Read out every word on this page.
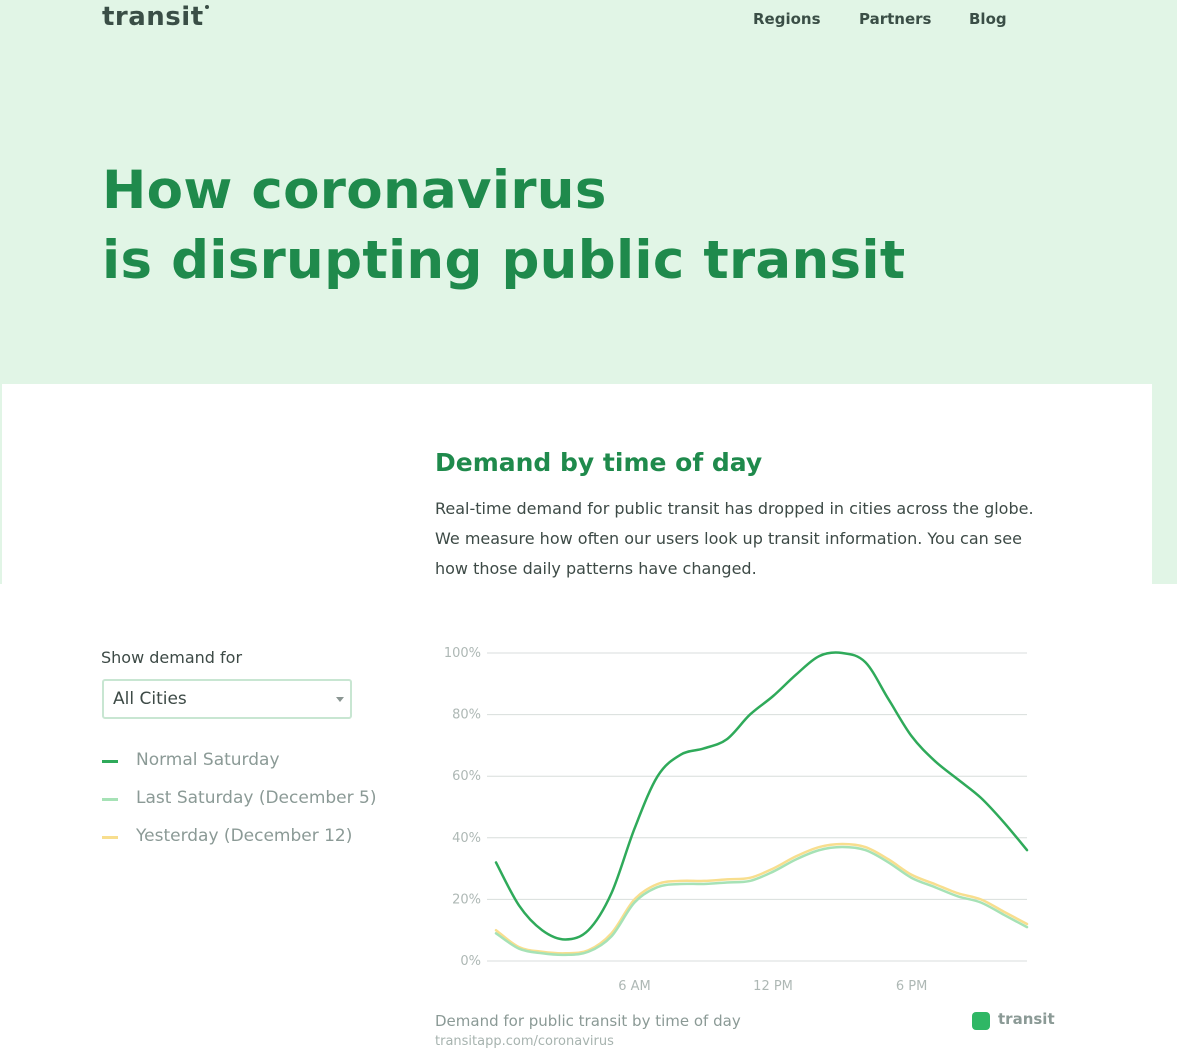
transit	Regions	Partners	Blog
How coronavirus
is disrupting public transit
Demand by time of day

Real-time demand for public transit has dropped in cities across the globe. We measure how often our users look up transit information. You can see how those daily patterns have changed.

Show demand for
All Cities
Normal Saturday
Last Saturday (December 5)
Yesterday (December 12)
0%
20%
40%
60%
80%
100%
6 AM	12 PM	6 PM
Demand for public transit by time of day
transitapp.com/coronavirus
transit
